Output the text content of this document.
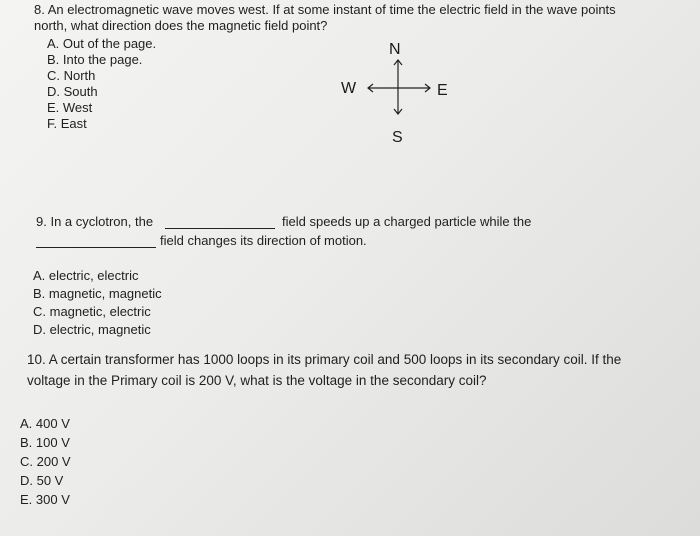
8. An electromagnetic wave moves west. If at some instant of time the electric field in the wave points
north, what direction does the magnetic field point?
A. Out of the page.
B. Into the page.
C. North
D. South
E. West
F. East
N
W	E
S
9. In a cyclotron, the	field speeds up a charged particle while the
field changes its direction of motion.
A. electric, electric
B. magnetic, magnetic
C. magnetic, electric
D. electric, magnetic
10. A certain transformer has 1000 loops in its primary coil and 500 loops in its secondary coil. If the
voltage in the Primary coil is 200 V, what is the voltage in the secondary coil?
A. 400 V
B. 100 V
C. 200 V
D. 50 V
E. 300 V
